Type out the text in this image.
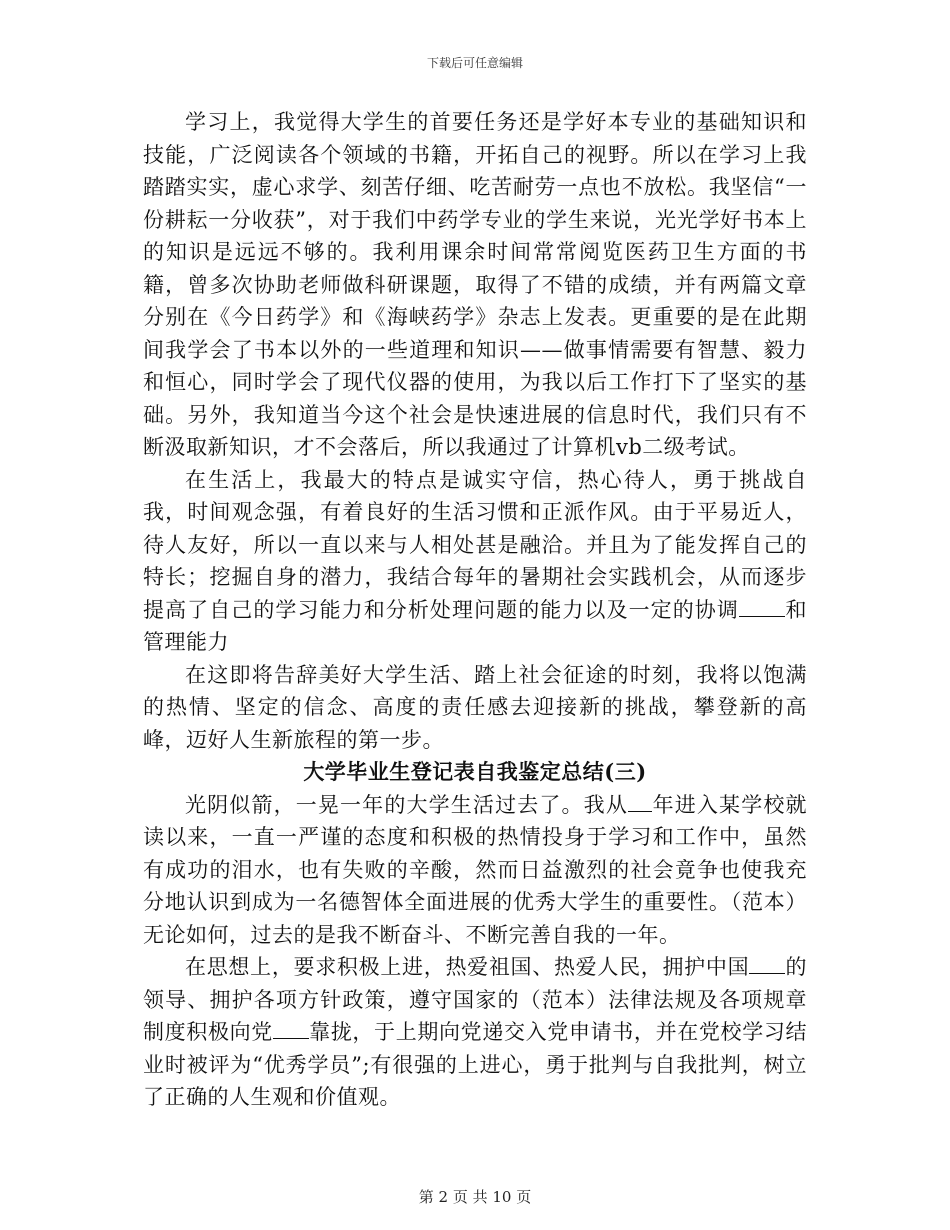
下载后可任意编辑

学习上，我觉得大学生的首要任务还是学好本专业的基础知识和技能，广泛阅读各个领域的书籍，开拓自己的视野。所以在学习上我踏踏实实，虚心求学、刻苦仔细、吃苦耐劳一点也不放松。我坚信“一份耕耘一分收获”，对于我们中药学专业的学生来说，光光学好书本上的知识是远远不够的。我利用课余时间常常阅览医药卫生方面的书籍，曾多次协助老师做科研课题，取得了不错的成绩，并有两篇文章分别在《今日药学》和《海峡药学》杂志上发表。更重要的是在此期间我学会了书本以外的一些道理和知识——做事情需要有智慧、毅力和恒心，同时学会了现代仪器的使用，为我以后工作打下了坚实的基础。另外，我知道当今这个社会是快速进展的信息时代，我们只有不断汲取新知识，才不会落后，所以我通过了计算机vb二级考试。

在生活上，我最大的特点是诚实守信，热心待人，勇于挑战自我，时间观念强，有着良好的生活习惯和正派作风。由于平易近人，待人友好，所以一直以来与人相处甚是融洽。并且为了能发挥自己的特长；挖掘自身的潜力，我结合每年的暑期社会实践机会，从而逐步提高了自己的学习能力和分析处理问题的能力以及一定的协调 和管理能力

在这即将告辞美好大学生活、踏上社会征途的时刻，我将以饱满的热情、坚定的信念、高度的责任感去迎接新的挑战，攀登新的高峰，迈好人生新旅程的第一步。

大学毕业生登记表自我鉴定总结(三)

光阴似箭，一晃一年的大学生活过去了。我从 年进入某学校就读以来，一直一严谨的态度和积极的热情投身于学习和工作中，虽然有成功的泪水，也有失败的辛酸，然而日益激烈的社会竟争也使我充分地认识到成为一名德智体全面进展的优秀大学生的重要性。（范本）无论如何，过去的是我不断奋斗、不断完善自我的一年。

在思想上，要求积极上进，热爱祖国、热爱人民，拥护中国 的领导、拥护各项方针政策，遵守国家的（范本）法律法规及各项规章制度积极向党 靠拢，于上期向党递交入党申请书，并在党校学习结业时被评为“优秀学员”;有很强的上进心，勇于批判与自我批判，树立了正确的人生观和价值观。

第 2 页 共 10 页
